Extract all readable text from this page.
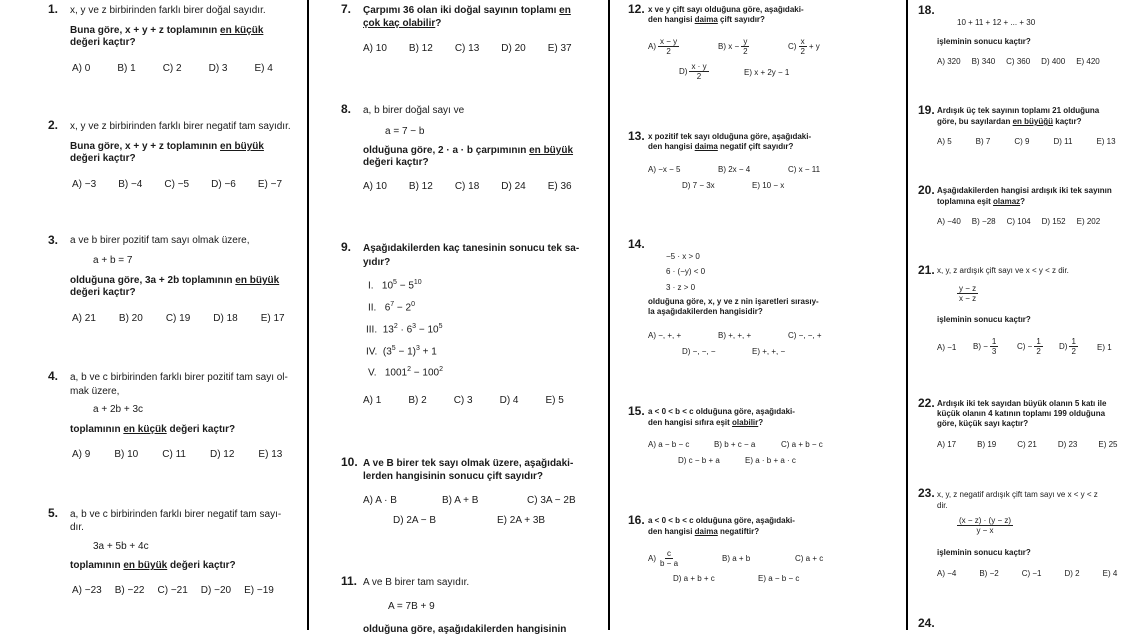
1. x, y ve z birbirinden farklı birer doğal sayıdır.
Buna göre, x + y + z toplamının en küçük
değeri kaçtır?
A) 0	B) 1	C) 2	D) 3	E) 4
2. x, y ve z birbirinden farklı birer negatif tam sayıdır.
Buna göre, x + y + z toplamının en büyük
değeri kaçtır?
A) −3 B) −4 C) −5 D) −6 E) −7
3. a ve b birer pozitif tam sayı olmak üzere,
a + b = 7
olduğuna göre, 3a + 2b toplamının en büyük
değeri kaçtır?
A) 21 B) 20 C) 19 D) 18 E) 17
4. a, b ve c birbirinden farklı birer pozitif tam sayı ol-
mak üzere,
a + 2b + 3c
toplamının en küçük değeri kaçtır?
A) 9 B) 10 C) 11 D) 12 E) 13
5. a, b ve c birbirinden farklı birer negatif tam sayı-
dır.
3a + 5b + 4c
toplamının en büyük değeri kaçtır?
A) −23 B) −22 C) −21 D) −20 E) −19
7. Çarpımı 36 olan iki doğal sayının toplamı en
çok kaç olabilir?
A) 10 B) 12 C) 13 D) 20 E) 37
8. a, b birer doğal sayı ve
a = 7 − b
olduğuna göre, 2 · a · b çarpımının en büyük
değeri kaçtır?
A) 10 B) 12 C) 18 D) 24 E) 36
9. Aşağıdakilerden kaç tanesinin sonucu tek sa-
yıdır?
I. $10^5 - 5^{10}$
II. $6^7 - 2^0$
III. $13^2 \cdot 6^3 - 10^5$
IV. $(3^5 - 1)^3 + 1$
V. $1001^2 - 100^2$
A) 1	B) 2	C) 3	D) 4	E) 5
10. A ve B birer tek sayı olmak üzere, aşağıdaki-
lerden hangisinin sonucu çift sayıdır?
A) A · B	B) A + B	C) 3A − 2B
D) 2A − B	E) 2A + 3B
11. A ve B birer tam sayıdır.
A = 7B + 9
olduğuna göre, aşağıdakilerden hangisinin
12. x ve y çift sayı olduğuna göre, aşağıdaki-
den hangisi daima çift sayıdır?
$A) \frac{x - y}{2}$	B) $x - \frac{y}{2}$	$C) \frac{x}{2} + y$
$D) \frac{x \cdot y}{2}$	E) x + 2y − 1
13. x pozitif tek sayı olduğuna göre, aşağıdaki-
den hangisi daima negatif çift sayıdır?
A) −x − 5	B) 2x − 4	C) x − 11
D) 7 − 3x	E) 10 − x
14.
−5 · x > 0
6 · (−y) < 0
3 · z > 0
olduğuna göre, x, y ve z nin işaretleri sırasıy-
la aşağıdakilerden hangisidir?
A) −, +, +	B) +, +, +	C) −, −, +
D) −, −, −	E) +, +, −
15. a < 0 < b < c olduğuna göre, aşağıdaki-
den hangisi sıfıra eşit olabilir?
A) a − b − c	B) b + c − a	C) a + b − c
D) c − b + a	E) a · b + a · c
16. a < 0 < b < c olduğuna göre, aşağıdaki-
den hangisi daima negatiftir?
$A) \frac{c}{b - a}$	B) a + b	C) a + c
D) a + b + c	E) a − b − c
18.
10 + 11 + 12 + ... + 30
işleminin sonucu kaçtır?
A) 320 B) 340 C) 360 D) 400 E) 420
19. Ardışık üç tek sayının toplamı 21 olduğuna
göre, bu sayılardan en büyüğü kaçtır?
A) 5	B) 7	C) 9	D) 11	E) 13
20. Aşağıdakilerden hangisi ardışık iki tek sayının
toplamına eşit olamaz?
A) −40 B) −28 C) 104 D) 152 E) 202
21. x, y, z ardışık çift sayı ve x < y < z dir.
$\frac{y - z}{x - z}$
işleminin sonucu kaçtır?
A) −1 $B) - \frac{1}{3} C) - \frac{1}{2} D) \frac{1}{2} E$) 1
22. Ardışık iki tek sayıdan büyük olanın 5 katı ile
küçük olanın 4 katının toplamı 199 olduğuna
göre, küçük sayı kaçtır?
A) 17	B) 19	C) 21	D) 23	E) 25
23. x, y, z negatif ardışık çift tam sayı ve x < y < z
dir.
$\frac{(x - z) \cdot (y - z)}{y - x}$
işleminin sonucu kaçtır?
A) −4	B) −2	C) −1	D) 2	E) 4
24.
